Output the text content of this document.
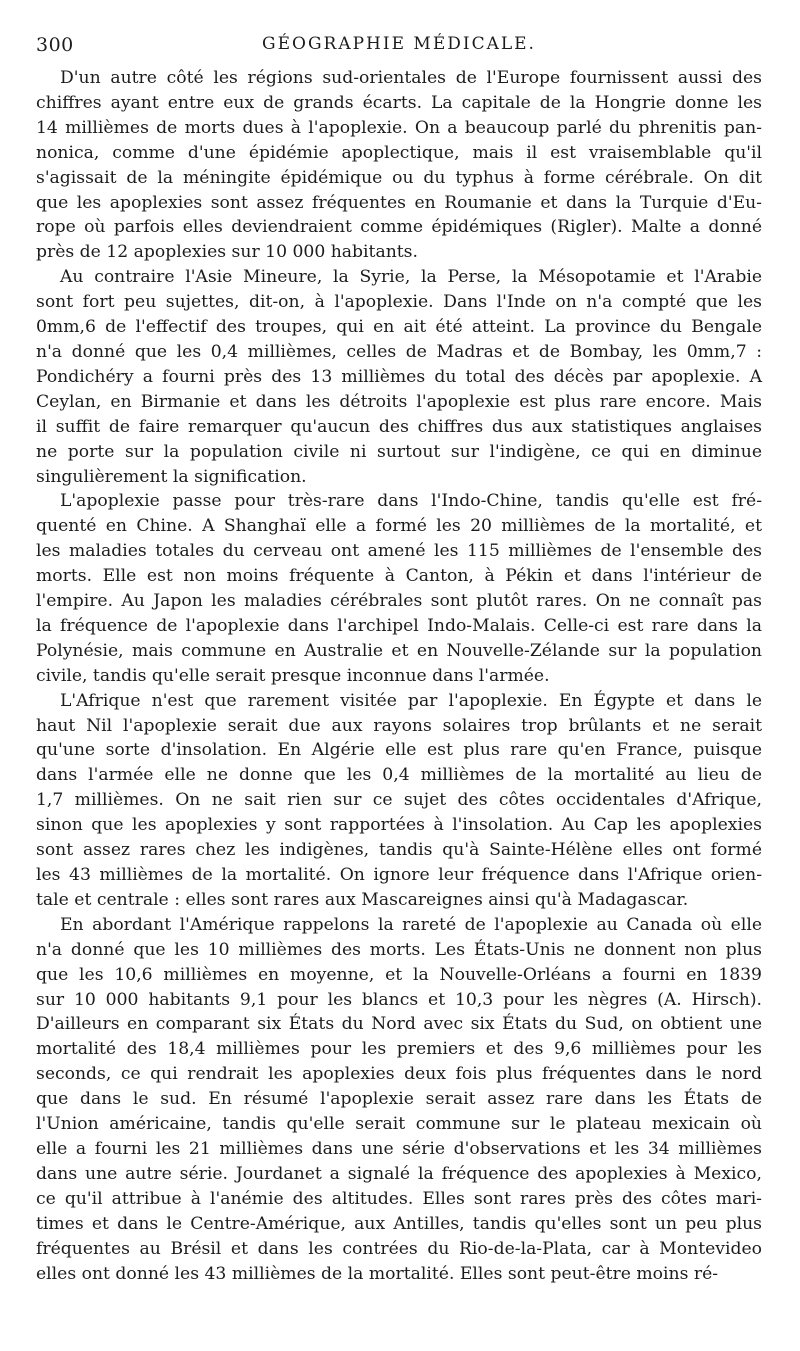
300	GÉOGRAPHIE MÉDICALE.

D'un autre côté les régions sud-orientales de l'Europe fournissent aussi des
chiffres ayant entre eux de grands écarts. La capitale de la Hongrie donne les
14 millièmes de morts dues à l'apoplexie. On a beaucoup parlé du phrenitis pan-
nonica, comme d'une épidémie apoplectique, mais il est vraisemblable qu'il
s'agissait de la méningite épidémique ou du typhus à forme cérébrale. On dit
que les apoplexies sont assez fréquentes en Roumanie et dans la Turquie d'Eu-
rope où parfois elles deviendraient comme épidémiques (Rigler). Malte a donné
près de 12 apoplexies sur 10 000 habitants.

Au contraire l'Asie Mineure, la Syrie, la Perse, la Mésopotamie et l'Arabie
sont fort peu sujettes, dit-on, à l'apoplexie. Dans l'Inde on n'a compté que les
0mm,6 de l'effectif des troupes, qui en ait été atteint. La province du Bengale
n'a donné que les 0,4 millièmes, celles de Madras et de Bombay, les 0mm,7 :
Pondichéry a fourni près des 13 millièmes du total des décès par apoplexie. A
Ceylan, en Birmanie et dans les détroits l'apoplexie est plus rare encore. Mais
il suffit de faire remarquer qu'aucun des chiffres dus aux statistiques anglaises
ne porte sur la population civile ni surtout sur l'indigène, ce qui en diminue
singulièrement la signification.

L'apoplexie passe pour très-rare dans l'Indo-Chine, tandis qu'elle est fré-
quenté en Chine. A Shanghaï elle a formé les 20 millièmes de la mortalité, et
les maladies totales du cerveau ont amené les 115 millièmes de l'ensemble des
morts. Elle est non moins fréquente à Canton, à Pékin et dans l'intérieur de
l'empire. Au Japon les maladies cérébrales sont plutôt rares. On ne connaît pas
la fréquence de l'apoplexie dans l'archipel Indo-Malais. Celle-ci est rare dans la
Polynésie, mais commune en Australie et en Nouvelle-Zélande sur la population
civile, tandis qu'elle serait presque inconnue dans l'armée.

L'Afrique n'est que rarement visitée par l'apoplexie. En Égypte et dans le
haut Nil l'apoplexie serait due aux rayons solaires trop brûlants et ne serait
qu'une sorte d'insolation. En Algérie elle est plus rare qu'en France, puisque
dans l'armée elle ne donne que les 0,4 millièmes de la mortalité au lieu de
1,7 millièmes. On ne sait rien sur ce sujet des côtes occidentales d'Afrique,
sinon que les apoplexies y sont rapportées à l'insolation. Au Cap les apoplexies
sont assez rares chez les indigènes, tandis qu'à Sainte-Hélène elles ont formé
les 43 millièmes de la mortalité. On ignore leur fréquence dans l'Afrique orien-
tale et centrale : elles sont rares aux Mascareignes ainsi qu'à Madagascar.

En abordant l'Amérique rappelons la rareté de l'apoplexie au Canada où elle
n'a donné que les 10 millièmes des morts. Les États-Unis ne donnent non plus
que les 10,6 millièmes en moyenne, et la Nouvelle-Orléans a fourni en 1839
sur 10 000 habitants 9,1 pour les blancs et 10,3 pour les nègres (A. Hirsch).
D'ailleurs en comparant six États du Nord avec six États du Sud, on obtient une
mortalité des 18,4 millièmes pour les premiers et des 9,6 millièmes pour les
seconds, ce qui rendrait les apoplexies deux fois plus fréquentes dans le nord
que dans le sud. En résumé l'apoplexie serait assez rare dans les États de
l'Union américaine, tandis qu'elle serait commune sur le plateau mexicain où
elle a fourni les 21 millièmes dans une série d'observations et les 34 millièmes
dans une autre série. Jourdanet a signalé la fréquence des apoplexies à Mexico,
ce qu'il attribue à l'anémie des altitudes. Elles sont rares près des côtes mari-
times et dans le Centre-Amérique, aux Antilles, tandis qu'elles sont un peu plus
fréquentes au Brésil et dans les contrées du Rio-de-la-Plata, car à Montevideo
elles ont donné les 43 millièmes de la mortalité. Elles sont peut-être moins ré-
